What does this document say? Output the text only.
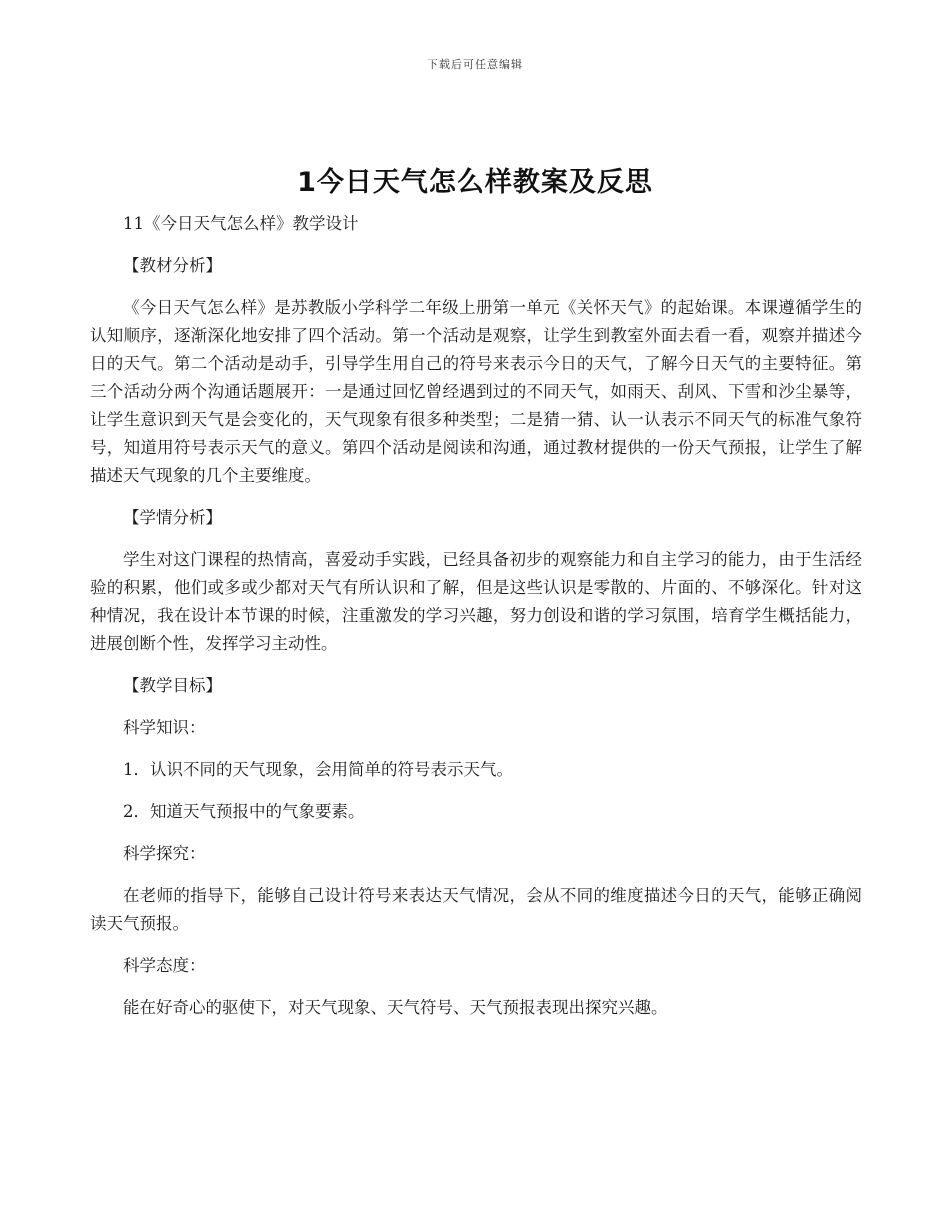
下载后可任意编辑
1今日天气怎么样教案及反思

11《今日天气怎么样》教学设计

【教材分析】

《今日天气怎么样》是苏教版小学科学二年级上册第一单元《关怀天气》的起始课。本课遵循学生的认知顺序，逐渐深化地安排了四个活动。第一个活动是观察，让学生到教室外面去看一看，观察并描述今日的天气。第二个活动是动手，引导学生用自己的符号来表示今日的天气，了解今日天气的主要特征。第三个活动分两个沟通话题展开：一是通过回忆曾经遇到过的不同天气，如雨天、刮风、下雪和沙尘暴等，让学生意识到天气是会变化的，天气现象有很多种类型；二是猜一猜、认一认表示不同天气的标准气象符号，知道用符号表示天气的意义。第四个活动是阅读和沟通，通过教材提供的一份天气预报，让学生了解描述天气现象的几个主要维度。

【学情分析】

学生对这门课程的热情高，喜爱动手实践，已经具备初步的观察能力和自主学习的能力，由于生活经验的积累，他们或多或少都对天气有所认识和了解，但是这些认识是零散的、片面的、不够深化。针对这种情况，我在设计本节课的时候，注重激发的学习兴趣，努力创设和谐的学习氛围，培育学生概括能力，进展创断个性，发挥学习主动性。

【教学目标】

科学知识：

1．认识不同的天气现象，会用简单的符号表示天气。

2．知道天气预报中的气象要素。

科学探究：

在老师的指导下，能够自己设计符号来表达天气情况，会从不同的维度描述今日的天气，能够正确阅读天气预报。

科学态度：

能在好奇心的驱使下，对天气现象、天气符号、天气预报表现出探究兴趣。
